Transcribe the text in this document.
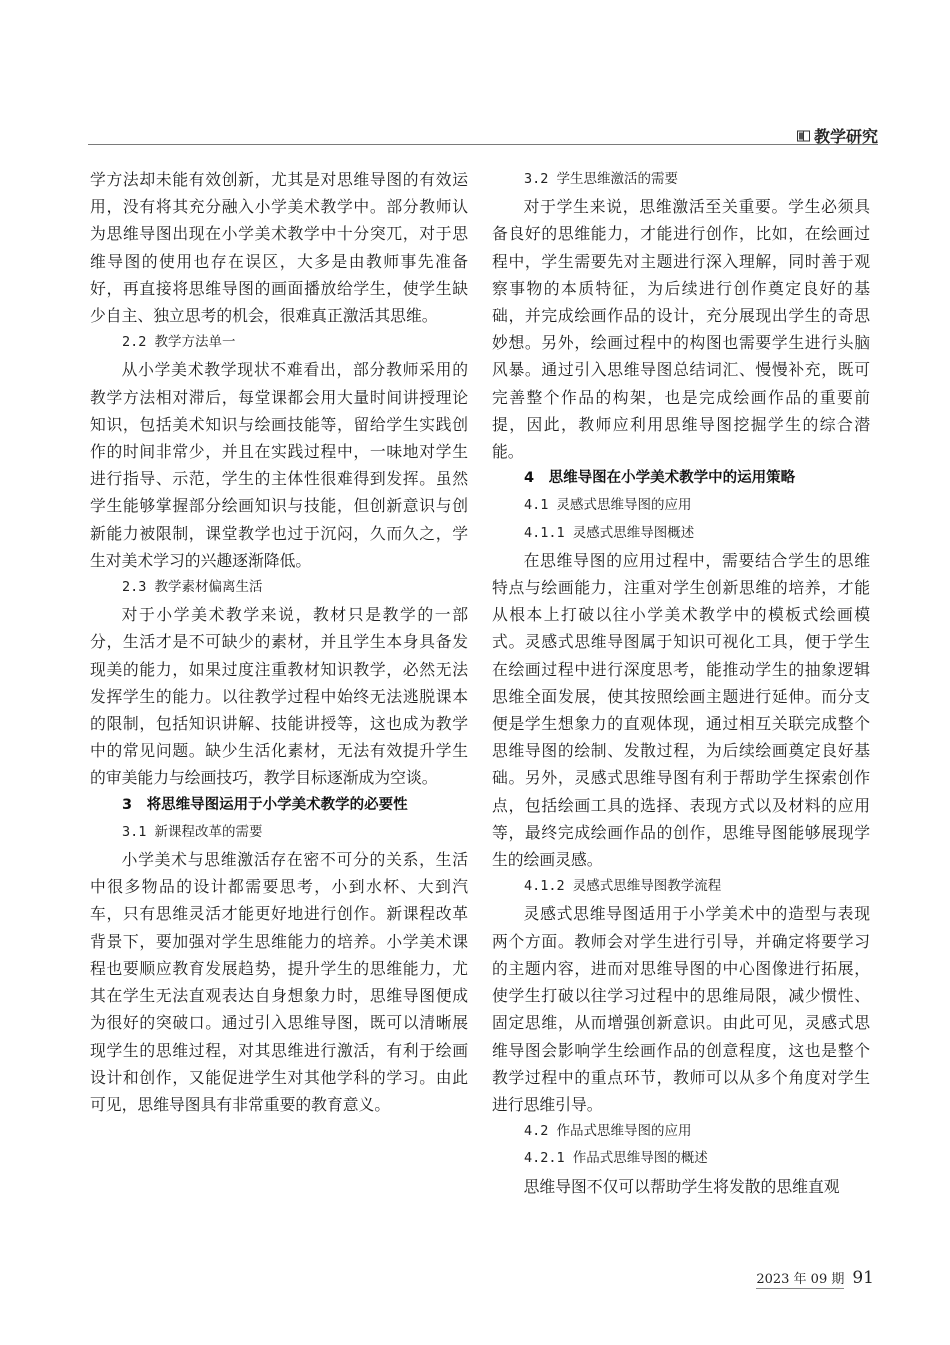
教学研究

学方法却未能有效创新，尤其是对思维导图的有效运用，没有将其充分融入小学美术教学中。部分教师认为思维导图出现在小学美术教学中十分突兀，对于思维导图的使用也存在误区，大多是由教师事先准备好，再直接将思维导图的画面播放给学生，使学生缺少自主、独立思考的机会，很难真正激活其思维。

2.2 教学方法单一

从小学美术教学现状不难看出，部分教师采用的教学方法相对滞后，每堂课都会用大量时间讲授理论知识，包括美术知识与绘画技能等，留给学生实践创作的时间非常少，并且在实践过程中，一味地对学生进行指导、示范，学生的主体性很难得到发挥。虽然学生能够掌握部分绘画知识与技能，但创新意识与创新能力被限制，课堂教学也过于沉闷，久而久之，学生对美术学习的兴趣逐渐降低。

2.3 教学素材偏离生活

对于小学美术教学来说，教材只是教学的一部分，生活才是不可缺少的素材，并且学生本身具备发现美的能力，如果过度注重教材知识教学，必然无法发挥学生的能力。以往教学过程中始终无法逃脱课本的限制，包括知识讲解、技能讲授等，这也成为教学中的常见问题。缺少生活化素材，无法有效提升学生的审美能力与绘画技巧，教学目标逐渐成为空谈。

3　将思维导图运用于小学美术教学的必要性
3.1 新课程改革的需要

小学美术与思维激活存在密不可分的关系，生活中很多物品的设计都需要思考，小到水杯、大到汽车，只有思维灵活才能更好地进行创作。新课程改革背景下，要加强对学生思维能力的培养。小学美术课程也要顺应教育发展趋势，提升学生的思维能力，尤其在学生无法直观表达自身想象力时，思维导图便成为很好的突破口。通过引入思维导图，既可以清晰展现学生的思维过程，对其思维进行激活，有利于绘画设计和创作，又能促进学生对其他学科的学习。由此可见，思维导图具有非常重要的教育意义。

3.2 学生思维激活的需要

对于学生来说，思维激活至关重要。学生必须具备良好的思维能力，才能进行创作，比如，在绘画过程中，学生需要先对主题进行深入理解，同时善于观察事物的本质特征，为后续进行创作奠定良好的基础，并完成绘画作品的设计，充分展现出学生的奇思妙想。另外，绘画过程中的构图也需要学生进行头脑风暴。通过引入思维导图总结词汇、慢慢补充，既可完善整个作品的构架，也是完成绘画作品的重要前提，因此，教师应利用思维导图挖掘学生的综合潜能。

4　思维导图在小学美术教学中的运用策略
4.1 灵感式思维导图的应用
4.1.1 灵感式思维导图概述

在思维导图的应用过程中，需要结合学生的思维特点与绘画能力，注重对学生创新思维的培养，才能从根本上打破以往小学美术教学中的模板式绘画模式。灵感式思维导图属于知识可视化工具，便于学生在绘画过程中进行深度思考，能推动学生的抽象逻辑思维全面发展，使其按照绘画主题进行延伸。而分支便是学生想象力的直观体现，通过相互关联完成整个思维导图的绘制、发散过程，为后续绘画奠定良好基础。另外，灵感式思维导图有利于帮助学生探索创作点，包括绘画工具的选择、表现方式以及材料的应用等，最终完成绘画作品的创作，思维导图能够展现学生的绘画灵感。

4.1.2 灵感式思维导图教学流程

灵感式思维导图适用于小学美术中的造型与表现两个方面。教师会对学生进行引导，并确定将要学习的主题内容，进而对思维导图的中心图像进行拓展，使学生打破以往学习过程中的思维局限，减少惯性、固定思维，从而增强创新意识。由此可见，灵感式思维导图会影响学生绘画作品的创意程度，这也是整个教学过程中的重点环节，教师可以从多个角度对学生进行思维引导。

4.2 作品式思维导图的应用
4.2.1 作品式思维导图的概述

思维导图不仅可以帮助学生将发散的思维直观

2023 年 09 期 91
